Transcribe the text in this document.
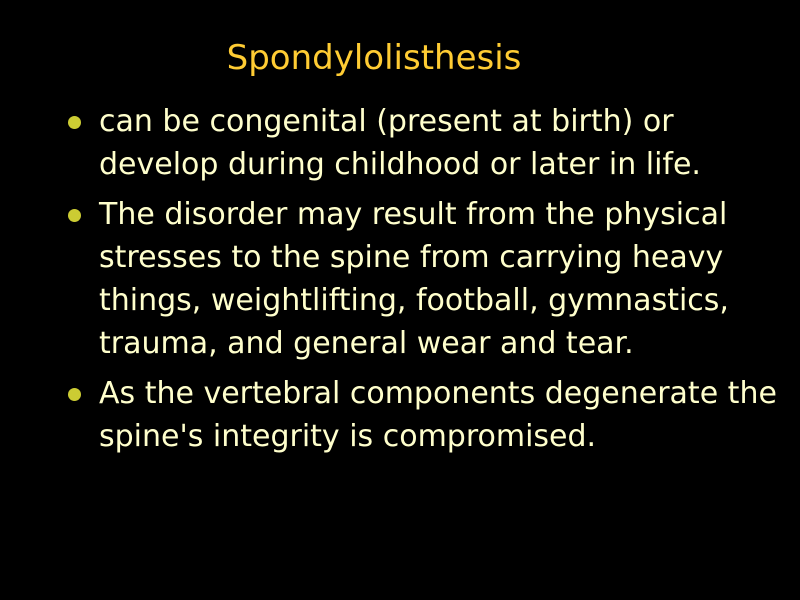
Spondylolisthesis
can be congenital (present at birth) or develop during childhood or later in life.
The disorder may result from the physical stresses to the spine from carrying heavy things, weightlifting, football, gymnastics, trauma, and general wear and tear.
As the vertebral components degenerate the spine's integrity is compromised.
